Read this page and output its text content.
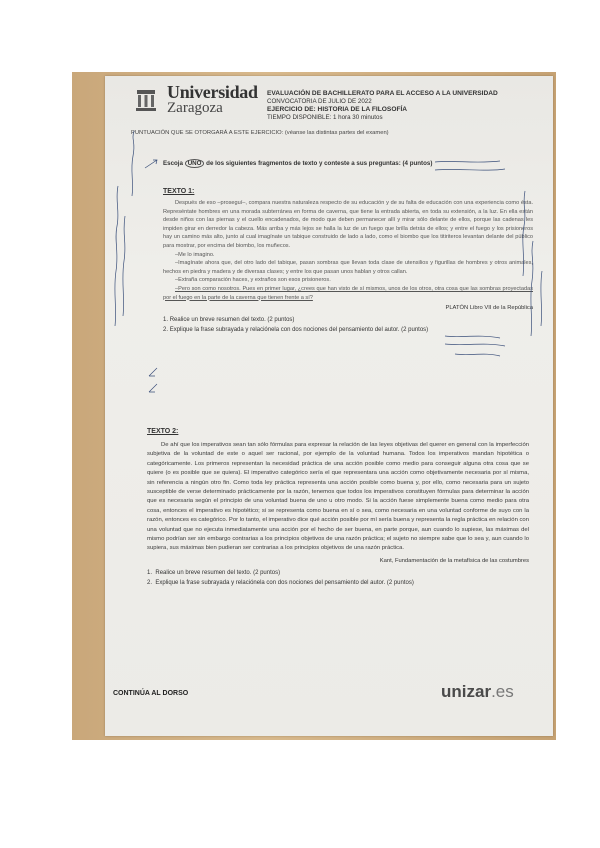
Universidad
Zaragoza
EVALUACIÓN DE BACHILLERATO PARA EL ACCESO A LA UNIVERSIDAD
CONVOCATORIA DE JULIO DE 2022
EJERCICIO DE: HISTORIA DE LA FILOSOFÍA
TIEMPO DISPONIBLE: 1 hora 30 minutos
PUNTUACIÓN QUE SE OTORGARÁ A ESTE EJERCICIO: (véanse las distintas partes del examen)
Escoja UNO de los siguientes fragmentos de texto y conteste a sus preguntas: (4 puntos)
TEXTO 1:
Después de eso –proseguí–, compara nuestra naturaleza respecto de su educación y de su falta de educación con una experiencia como ésta. Represéntate hombres en una morada subterránea en forma de caverna, que tiene la entrada abierta, en toda su extensión, a la luz. En ella están desde niños con las piernas y el cuello encadenados, de modo que deben permanecer allí y mirar sólo delante de ellos, porque las cadenas les impiden girar en derredor la cabeza. Más arriba y más lejos se halla la luz de un fuego que brilla detrás de ellos; y entre el fuego y los prisioneros hay un camino más alto, junto al cual imagínate un tabique construido de lado a lado, como el biombo que los titiriteros levantan delante del público para mostrar, por encima del biombo, los muñecos.
–Me lo imagino.
–Imagínate ahora que, del otro lado del tabique, pasan sombras que llevan toda clase de utensilios y figurillas de hombres y otros animales, hechos en piedra y madera y de diversas clases; y entre los que pasan unos hablan y otros callan.
–Extraña comparación haces, y extraños son esos prisioneros.
–Pero son como nosotros. Pues en primer lugar, ¿crees que han visto de sí mismos, unos de los otros, otra cosa que las sombras proyectadas por el fuego en la parte de la caverna que tienen frente a sí?
PLATÓN Libro VII de la República
1. Realice un breve resumen del texto. (2 puntos)
2. Explique la frase subrayada y relaciónela con dos nociones del pensamiento del autor. (2 puntos)
TEXTO 2:
De ahí que los imperativos sean tan sólo fórmulas para expresar la relación de las leyes objetivas del querer en general con la imperfección subjetiva de la voluntad de este o aquel ser racional, por ejemplo de la voluntad humana. Todos los imperativos mandan hipotética o categóricamente. Los primeros representan la necesidad práctica de una acción posible como medio para conseguir alguna otra cosa que se quiere (o es posible que se quiera). El imperativo categórico sería el que representara una acción como objetivamente necesaria por sí misma, sin referencia a ningún otro fin. Como toda ley práctica representa una acción posible como buena y, por ello, como necesaria para un sujeto susceptible de verse determinado prácticamente por la razón, tenemos que todos los imperativos constituyen fórmulas para determinar la acción que es necesaria según el principio de una voluntad buena de uno u otro modo. Si la acción fuese simplemente buena como medio para otra cosa, entonces el imperativo es hipotético; si se representa como buena en sí o sea, como necesaria en una voluntad conforme de suyo con la razón, entonces es categórico. Por lo tanto, el imperativo dice qué acción posible por mí sería buena y representa la regla práctica en relación con una voluntad que no ejecuta inmediatamente una acción por el hecho de ser buena, en parte porque, aun cuando lo supiese, las máximas del mismo podrían ser sin embargo contrarias a los principios objetivos de una razón práctica; el sujeto no siempre sabe que lo sea y, aun cuando lo supiera, sus máximas bien pudieran ser contrarias a los principios objetivos de una razón práctica.
Kant, Fundamentación de la metafísica de las costumbres
1. Realice un breve resumen del texto. (2 puntos)
2. Explique la frase subrayada y relaciónela con dos nociones del pensamiento del autor. (2 puntos)
CONTINÚA AL DORSO	unizar.es
